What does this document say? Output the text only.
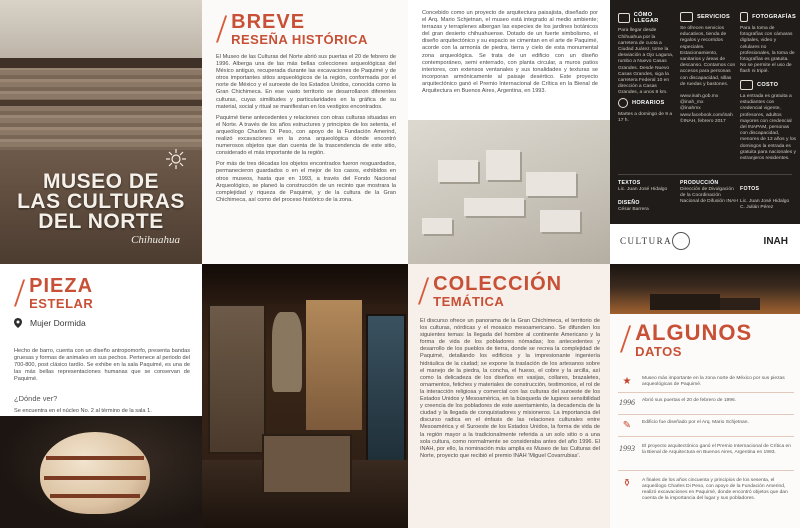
MUSEO DE
LAS CULTURAS
DEL NORTE
Chihuahua
/ BREVE
RESEÑA HISTÓRICA

El Museo de las Culturas del Norte abrió sus puertas el 20 de febrero de 1996. Alberga una de las más bellas colecciones arqueológicas del México antiguo, recuperada durante las excavaciones de Paquimé y de otros importantes sitios arqueológicos de la región, conformada por el norte de México y el suroeste de los Estados Unidos, conocida como la Gran Chichimeca. En ese vasto territorio se desarrollaron diferentes culturas, cuyas similitudes y particularidades en la gráfica de su material, social y ritual se manifiestan en los vestigios encontrados.

Paquimé tiene antecedentes y relaciones con otras culturas situadas en el Norte. A través de los años estructures y principios de los setenta, el arqueólogo Charles Di Peso, con apoyo de la Fundación Amerind, realizó excavaciones en la zona arqueológica dónde encontró numerosos objetos que dan cuenta de la trascendencia de este sitio, considerado el más importante de la región.

Por más de tres décadas los objetos encontrados fueron resguardados, permanecieron guardados o en el mejor de los casos, exhibidos en otros museos, hasta que en 1993, a través del Fondo Nacional Arqueológico, se planeó la construcción de un recinto que mostrara la complejidad y riqueza de Paquimé, y de la cultura de la Gran Chichimeca, así como del proceso histórico de la zona.

Concebido como un proyecto de arquitectura paisajista, diseñado por el Arq. Mario Schjetnan, el museo está integrado al medio ambiente; terrazas y terraplenes albergan las especies de los jardines botánicos del gran desierto chihuahuense. Dotado de un fuerte simbolismo, el diseño arquitectónico y su espacio se cimentan en el arte de Paquimé, acorde con la armonía de piedra, tierra y cielo de esta monumental zona arqueológica. Se trata de un edificio con un diseño contemporáneo, semi enterrado, con planta circular, a muros patios interiores, con extensos ventanales y sus tonalidades y texturas se incorporan armónicamente al paisaje desértico. Este proyecto arquitectónico ganó el Premio Internacional de Crítica en la Bienal de Arquitectura en Buenos Aires, Argentina, en 1993.
CÓMO LLEGAR
Para llegar desde Chihuahua por la carretera de cuota a Ciudad Juárez, tome la desviación a Ojo Laguna, rumbo a Nuevo Casas Grandes. Desde Nuevo Casas Grandes, siga la carretera Federal 10 en dirección a Casas Grandes, a unos 8 km.
SERVICIOS
Se ofrecen servicios educativos, tienda de regalos y recorridos especiales. Estacionamiento, sanitarios y áreas de descanso. Contamos con accesos para personas con discapacidad, sillas de ruedas y bastones.
www.inah.gob.mx
@inah_mx
@inahmx
www.facebook.com/inah
©INAH, febrero 2017
HORARIOS
Martes a domingo de 9 a 17 h.
FOTOGRAFÍAS
Para la toma de fotografías con cámaras digitales, video y celulares no profesionales, la toma de fotografías es gratuita. No se permite el uso de flash ni tripié.
COSTO
La entrada es gratuita a estudiantes con credencial vigente, profesores, adultos mayores con credencial del INAPAM, personas con discapacidad, menores de 13 años y los domingos la entrada es gratuita para nacionales y extranjeros residentes.
TEXTOS
Lic. Juan José Hidalgo
DISEÑO
César Barrera
PRODUCCIÓN
Dirección de Divulgación de la Coordinación Nacional de Difusión INAH

FOTOS

Lic. Juan José Hidalgo
C. Julián Pérez

CULTURA	INAH
/ PIEZA
ESTELAR
Mujer Dormida
Hecho de barro, cuenta con un diseño antropomorfo, presenta bandas gruesas y formas de animales en sus pechos. Pertenece al periodo del 700-800, post clásico tardío. Se exhibe en la sala Paquimé, es una de las más bellas representaciones humanas que se conservan de Paquimé.
¿Dónde ver?
Se encuentra en el núcleo No. 2 al término de la sala 1.
/ COLECCIÓN
TEMÁTICA
El discurso ofrece un panorama de la Gran Chichimeca, el territorio de los culturas, nórdicas y el mosaico mesoamericano. Se difunden los siguientes temas: la llegada del hombre al continente Americano y la forma de vida de los pobladores nómadas; los antecedentes y desarrollo de los pueblos de tierra, donde se recrea la complejidad de Paquimé, detallando los edificios y la impresionante ingeniería hidráulica de la ciudad; se expone la traslación de los artesanos sobre el manejo de la piedra, la concha, el hueso, el cobre y la arcilla, así como la delicadeza de los diseños en vasijas, collares, brazaletes, ornamentos, fetiches y materiales de construcción, testimonios, el rol de la interacción religiosa y comercial con las culturas del suroeste de los Estados Unidos y Mesoamérica, en la búsqueda de lugares sensibilidad y creencia de los pobladores de este asentamiento, la decadencia de la ciudad y la llegada de conquistadores y misioneros. La importancia del discurso radica en el énfasis de las relaciones culturales entre Mesoamérica y el Suroeste de los Estados Unidos, la forma de vida de la región mayor a la tradicionalmente referida a un solo sitio o a una sola cultura, como normalmente se consideraba antes del año 1996. El INAH, por ello, la nominación más amplia es Museo de las Culturas del Norte, proyecto que recibió el premio INAH 'Miguel Covarrubias'.
/ ALGUNOS
DATOS
★	Museo más importante en la zona norte de México por sus piezas arqueológicas de Paquimé.
1996 Abrió sus puertas el 20 de febrero de 1996.
✎	Edificio fue diseñado por el Arq. Mario Schjetnan.
1993 El proyecto arquitectónico ganó el Premio Internacional de Crítica en la Bienal de Arquitectura en Buenos Aires, Argentina en 1993.
⚱	A finales de los años cincuenta y principios de los sesenta, el arqueólogo Charles Di Peso, con apoyo de la Fundación Amerind, realizó excavaciones en Paquimé, donde encontró objetos que dan cuenta de la importancia del lugar y sus pobladores.
